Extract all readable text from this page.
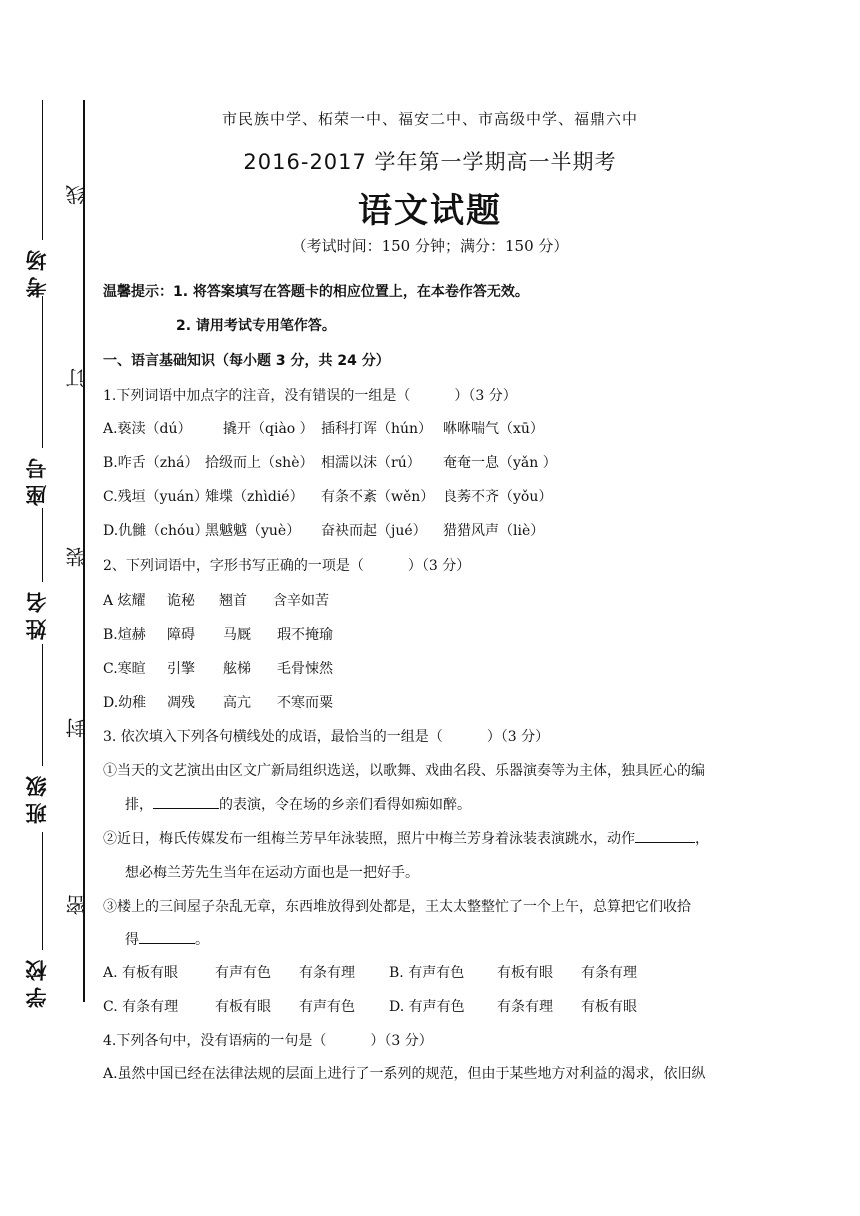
考场
座号
姓名
班级
学校
线
订
装
封
密
市民族中学、柘荣一中、福安二中、市高级中学、福鼎六中
2016-2017 学年第一学期高一半期考
语文试题
（考试时间：150 分钟；满分：150 分）
温馨提示：1. 将答案填写在答题卡的相应位置上，在本卷作答无效。
2. 请用考试专用笔作答。
一、语言基础知识（每小题 3 分，共 24 分）
1.下列词语中加点字的注音，没有错误的一组是（	）（3 分）
A.亵渎（dú） 撬开（qiào ） 插科打诨（hún） 咻咻喘气（xū）
B.咋舌（zhá） 拾级而上（shè） 相濡以沫（rú） 奄奄一息（yǎn ）
C.残垣（yuán）雉堞（zhìdié） 有条不紊（wěn） 良莠不齐（yǒu）
D.仇雠（chóu）黑魆魆（yuè） 奋袂而起（jué） 猎猎风声（liè）
2、下列词语中，字形书写正确的一项是（	）（3 分）
A 炫耀 诡秘 翘首 含辛如苦
B.煊赫 障碍 马厩 瑕不掩瑜
C.寒暄 引擎 舷梯 毛骨悚然
D.幼稚 凋残 高亢 不寒而粟
3. 依次填入下列各句横线处的成语，最恰当的一组是（	）（3 分）
①当天的文艺演出由区文广新局组织选送，以歌舞、戏曲名段、乐器演奏等为主体，独具匠心的编
排，	的表演，令在场的乡亲们看得如痴如醉。
②近日，梅氏传媒发布一组梅兰芳早年泳装照，照片中梅兰芳身着泳装表演跳水，动作	，
想必梅兰芳先生当年在运动方面也是一把好手。
③楼上的三间屋子杂乱无章，东西堆放得到处都是，王太太整整忙了一个上午，总算把它们收拾
得	。
A. 有板有眼	有声有色 有条有理 B. 有声有色 有板有眼 有条有理
C. 有条有理	有板有眼 有声有色 D. 有声有色 有条有理 有板有眼
4.下列各句中，没有语病的一句是（	）（3 分）
A.虽然中国已经在法律法规的层面上进行了一系列的规范，但由于某些地方对利益的渴求，依旧纵
